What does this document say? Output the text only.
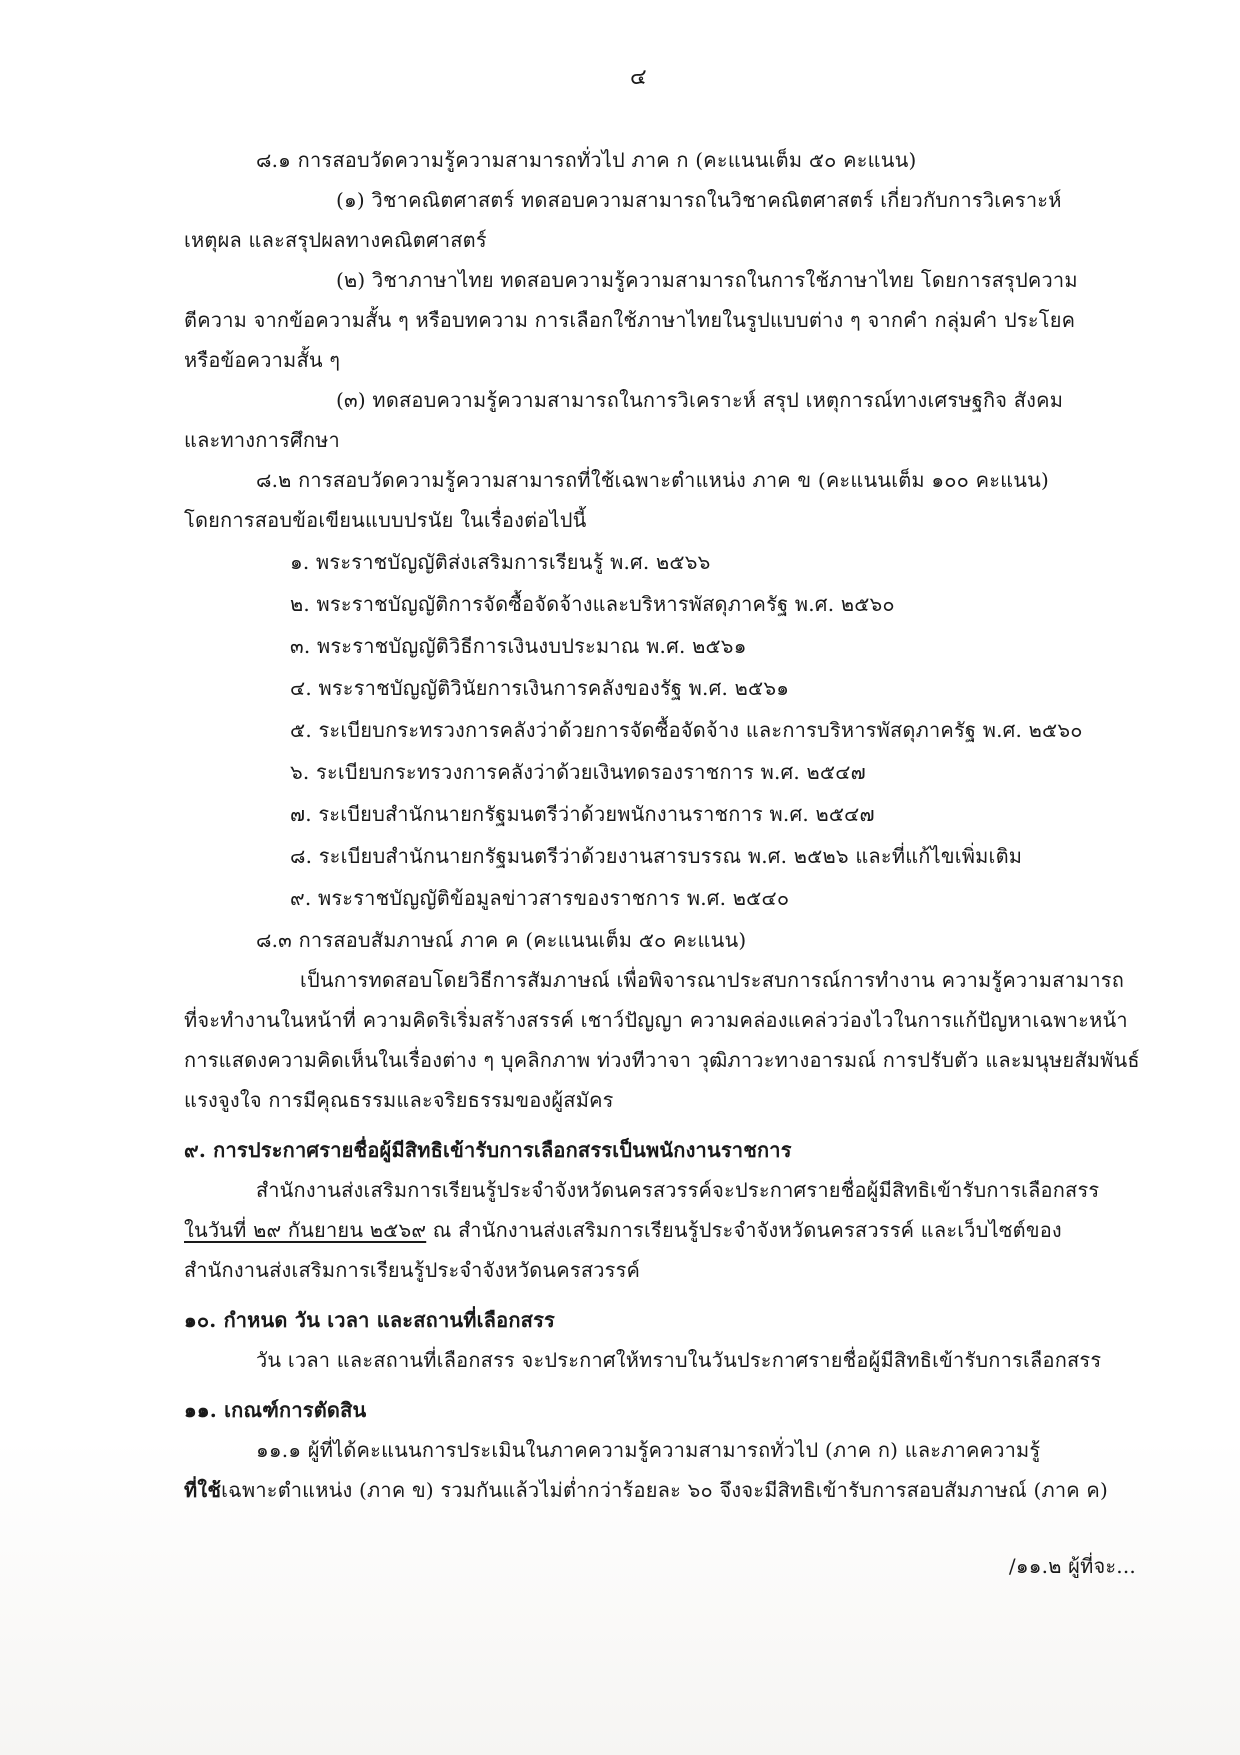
๔
๘.๑ การสอบวัดความรู้ความสามารถทั่วไป ภาค ก (คะแนนเต็ม ๕๐ คะแนน)
(๑) วิชาคณิตศาสตร์ ทดสอบความสามารถในวิชาคณิตศาสตร์ เกี่ยวกับการวิเคราะห์
เหตุผล และสรุปผลทางคณิตศาสตร์
(๒) วิชาภาษาไทย ทดสอบความรู้ความสามารถในการใช้ภาษาไทย โดยการสรุปความ
ตีความ จากข้อความสั้น ๆ หรือบทความ การเลือกใช้ภาษาไทยในรูปแบบต่าง ๆ จากคำ กลุ่มคำ ประโยค
หรือข้อความสั้น ๆ
(๓) ทดสอบความรู้ความสามารถในการวิเคราะห์ สรุป เหตุการณ์ทางเศรษฐกิจ สังคม
และทางการศึกษา
๘.๒ การสอบวัดความรู้ความสามารถที่ใช้เฉพาะตำแหน่ง ภาค ข (คะแนนเต็ม ๑๐๐ คะแนน)
โดยการสอบข้อเขียนแบบปรนัย ในเรื่องต่อไปนี้
๑. พระราชบัญญัติส่งเสริมการเรียนรู้ พ.ศ. ๒๕๖๖
๒. พระราชบัญญัติการจัดซื้อจัดจ้างและบริหารพัสดุภาครัฐ พ.ศ. ๒๕๖๐
๓. พระราชบัญญัติวิธีการเงินงบประมาณ พ.ศ. ๒๕๖๑
๔. พระราชบัญญัติวินัยการเงินการคลังของรัฐ พ.ศ. ๒๕๖๑
๕. ระเบียบกระทรวงการคลังว่าด้วยการจัดซื้อจัดจ้าง และการบริหารพัสดุภาครัฐ พ.ศ. ๒๕๖๐
๖. ระเบียบกระทรวงการคลังว่าด้วยเงินทดรองราชการ พ.ศ. ๒๕๔๗
๗. ระเบียบสำนักนายกรัฐมนตรีว่าด้วยพนักงานราชการ พ.ศ. ๒๕๔๗
๘. ระเบียบสำนักนายกรัฐมนตรีว่าด้วยงานสารบรรณ พ.ศ. ๒๕๒๖ และที่แก้ไขเพิ่มเติม
๙. พระราชบัญญัติข้อมูลข่าวสารของราชการ พ.ศ. ๒๕๔๐
๘.๓ การสอบสัมภาษณ์ ภาค ค (คะแนนเต็ม ๕๐ คะแนน)
เป็นการทดสอบโดยวิธีการสัมภาษณ์ เพื่อพิจารณาประสบการณ์การทำงาน ความรู้ความสามารถ
ที่จะทำงานในหน้าที่ ความคิดริเริ่มสร้างสรรค์ เชาว์ปัญญา ความคล่องแคล่วว่องไวในการแก้ปัญหาเฉพาะหน้า
การแสดงความคิดเห็นในเรื่องต่าง ๆ บุคลิกภาพ ท่วงทีวาจา วุฒิภาวะทางอารมณ์ การปรับตัว และมนุษยสัมพันธ์
แรงจูงใจ การมีคุณธรรมและจริยธรรมของผู้สมัคร
๙. การประกาศรายชื่อผู้มีสิทธิเข้ารับการเลือกสรรเป็นพนักงานราชการ
สำนักงานส่งเสริมการเรียนรู้ประจำจังหวัดนครสวรรค์จะประกาศรายชื่อผู้มีสิทธิเข้ารับการเลือกสรร
ในวันที่ ๒๙ กันยายน ๒๕๖๙ ณ สำนักงานส่งเสริมการเรียนรู้ประจำจังหวัดนครสวรรค์ และเว็บไซต์ของ
สำนักงานส่งเสริมการเรียนรู้ประจำจังหวัดนครสวรรค์
๑๐. กำหนด วัน เวลา และสถานที่เลือกสรร
วัน เวลา และสถานที่เลือกสรร จะประกาศให้ทราบในวันประกาศรายชื่อผู้มีสิทธิเข้ารับการเลือกสรร
๑๑. เกณฑ์การตัดสิน
๑๑.๑ ผู้ที่ได้คะแนนการประเมินในภาคความรู้ความสามารถทั่วไป (ภาค ก) และภาคความรู้
ที่ใช้เฉพาะตำแหน่ง (ภาค ข) รวมกันแล้วไม่ต่ำกว่าร้อยละ ๖๐ จึงจะมีสิทธิเข้ารับการสอบสัมภาษณ์ (ภาค ค)
/๑๑.๒ ผู้ที่จะ...
